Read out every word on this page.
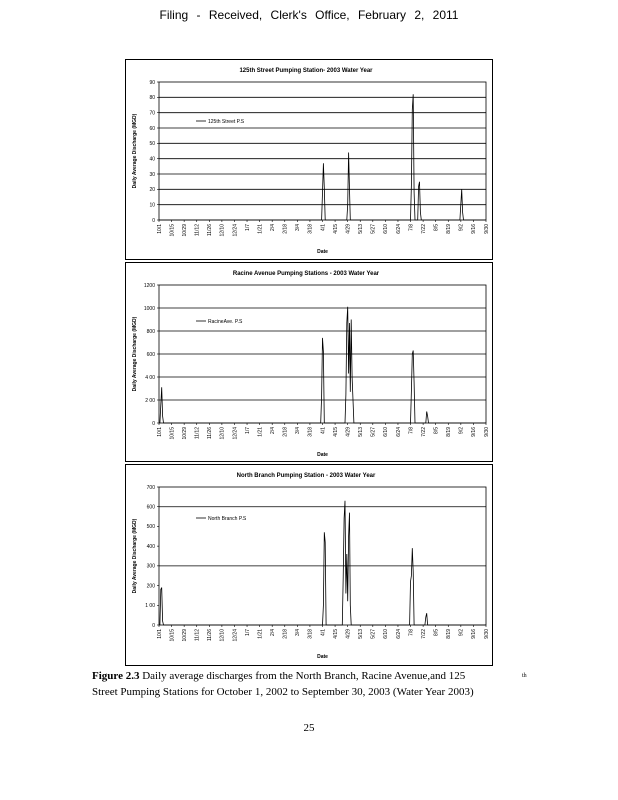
Filing - Received, Clerk's Office, February 2, 2011
125th Street Pumping Station- 2003 Water Year
0
10
20
30
40
50
60
70
80
90
Daily Average Discharge (MGD)
10/1 10/15 10/29 11/12 11/26 12/10 12/24 1/7 1/21 2/4 2/18 3/4 3/18 4/1 4/15 4/29 5/13 5/27 6/10 6/24 7/8 7/22 8/5 8/19 9/2 9/16 9/30
Date
125th Street P.S
Racine Avenue Pumping Stations - 2003 Water Year
0
2 00
4 00
600
800
1000
1200
Daily Average Discharge (MGD)
10/1 10/15 10/29 11/12 11/26 12/10 12/24 1/7 1/21 2/4 2/18 3/4 3/18 4/1 4/15 4/29 5/13 5/27 6/10 6/24 7/8 7/22 8/5 8/19 9/2 9/16 9/30
Date
RacineAve. P.S
North Branch Pumping Station - 2003 Water Year
0
1 00
200
300
400
500
600
700
Daily Average Discharge (MGD)
10/1 10/15 10/29 11/12 11/26 12/10 12/24 1/7 1/21 2/4 2/18 3/4 3/18 4/1 4/15 4/29 5/13 5/27 6/10 6/24 7/8 7/22 8/5 8/19 9/2 9/16 9/30
Date
North Branch P.S
Figure 2.3 Daily average discharges from the North Branch, Racine Avenue,and 125	th

Street Pumping Stations for October 1, 2002 to September 30, 2003 (Water Year 2003)
25
